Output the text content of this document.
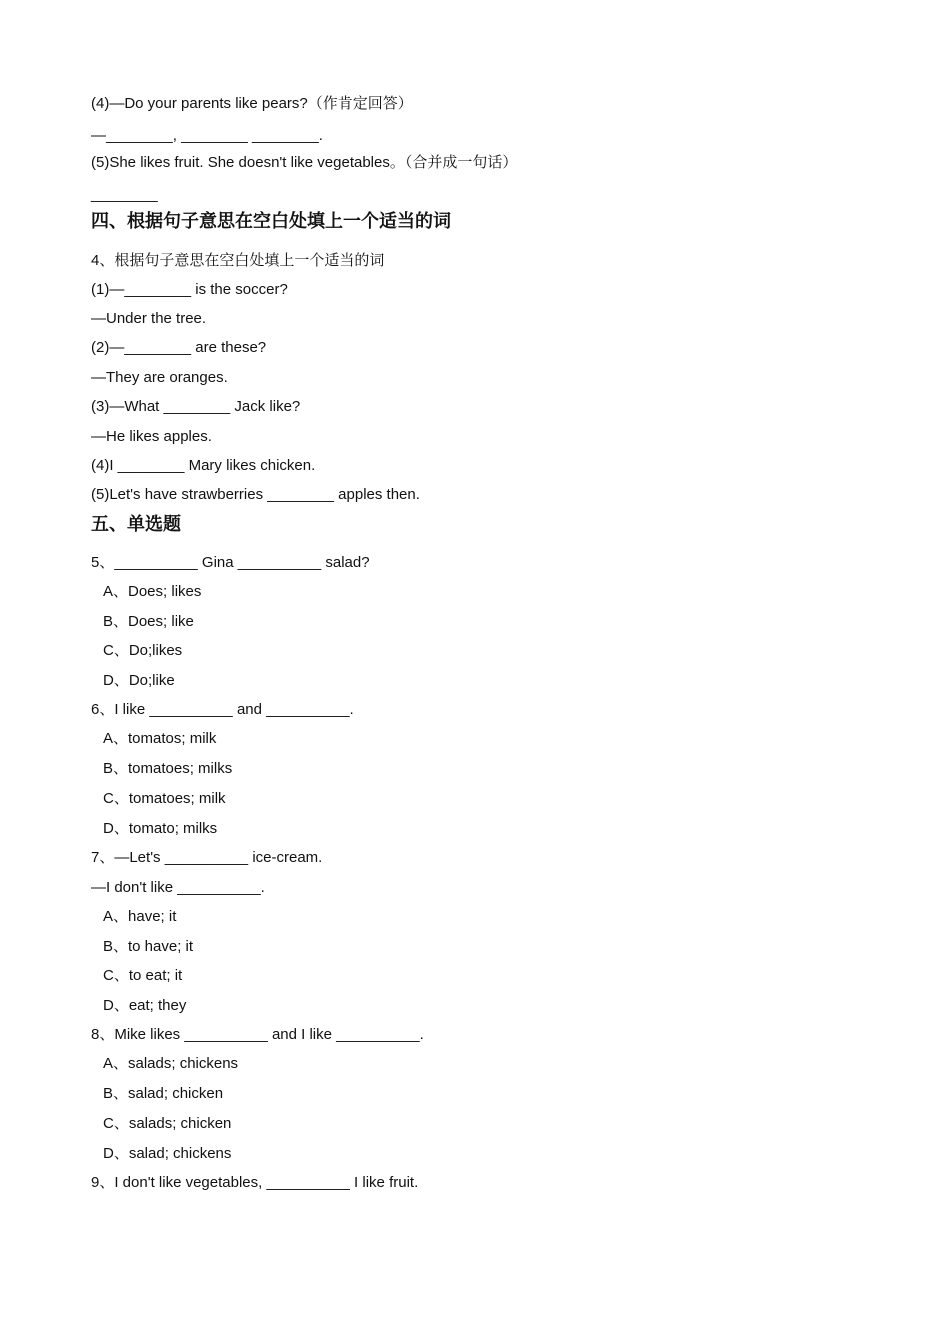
(4)—Do your parents like pears?（作肯定回答）
—________, ________ ________.
(5)She likes fruit. She doesn't like vegetables。（合并成一句话）
________
四、根据句子意思在空白处填上一个适当的词
4、根据句子意思在空白处填上一个适当的词
(1)—________ is the soccer?
—Under the tree.
(2)—________ are these?
—They are oranges.
(3)—What ________ Jack like?
—He likes apples.
(4)I ________ Mary likes chicken.
(5)Let's have strawberries ________ apples then.
五、单选题
5、__________ Gina __________ salad?
A、Does; likes
B、Does; like
C、Do;likes
D、Do;like
6、I like __________ and __________.
A、tomatos; milk
B、tomatoes; milks
C、tomatoes; milk
D、tomato; milks
7、—Let's __________ ice-cream.
—I don't like __________.
A、have; it
B、to have; it
C、to eat; it
D、eat; they
8、Mike likes __________ and I like __________.
A、salads; chickens
B、salad; chicken
C、salads; chicken
D、salad; chickens
9、I don't like vegetables, __________ I like fruit.
